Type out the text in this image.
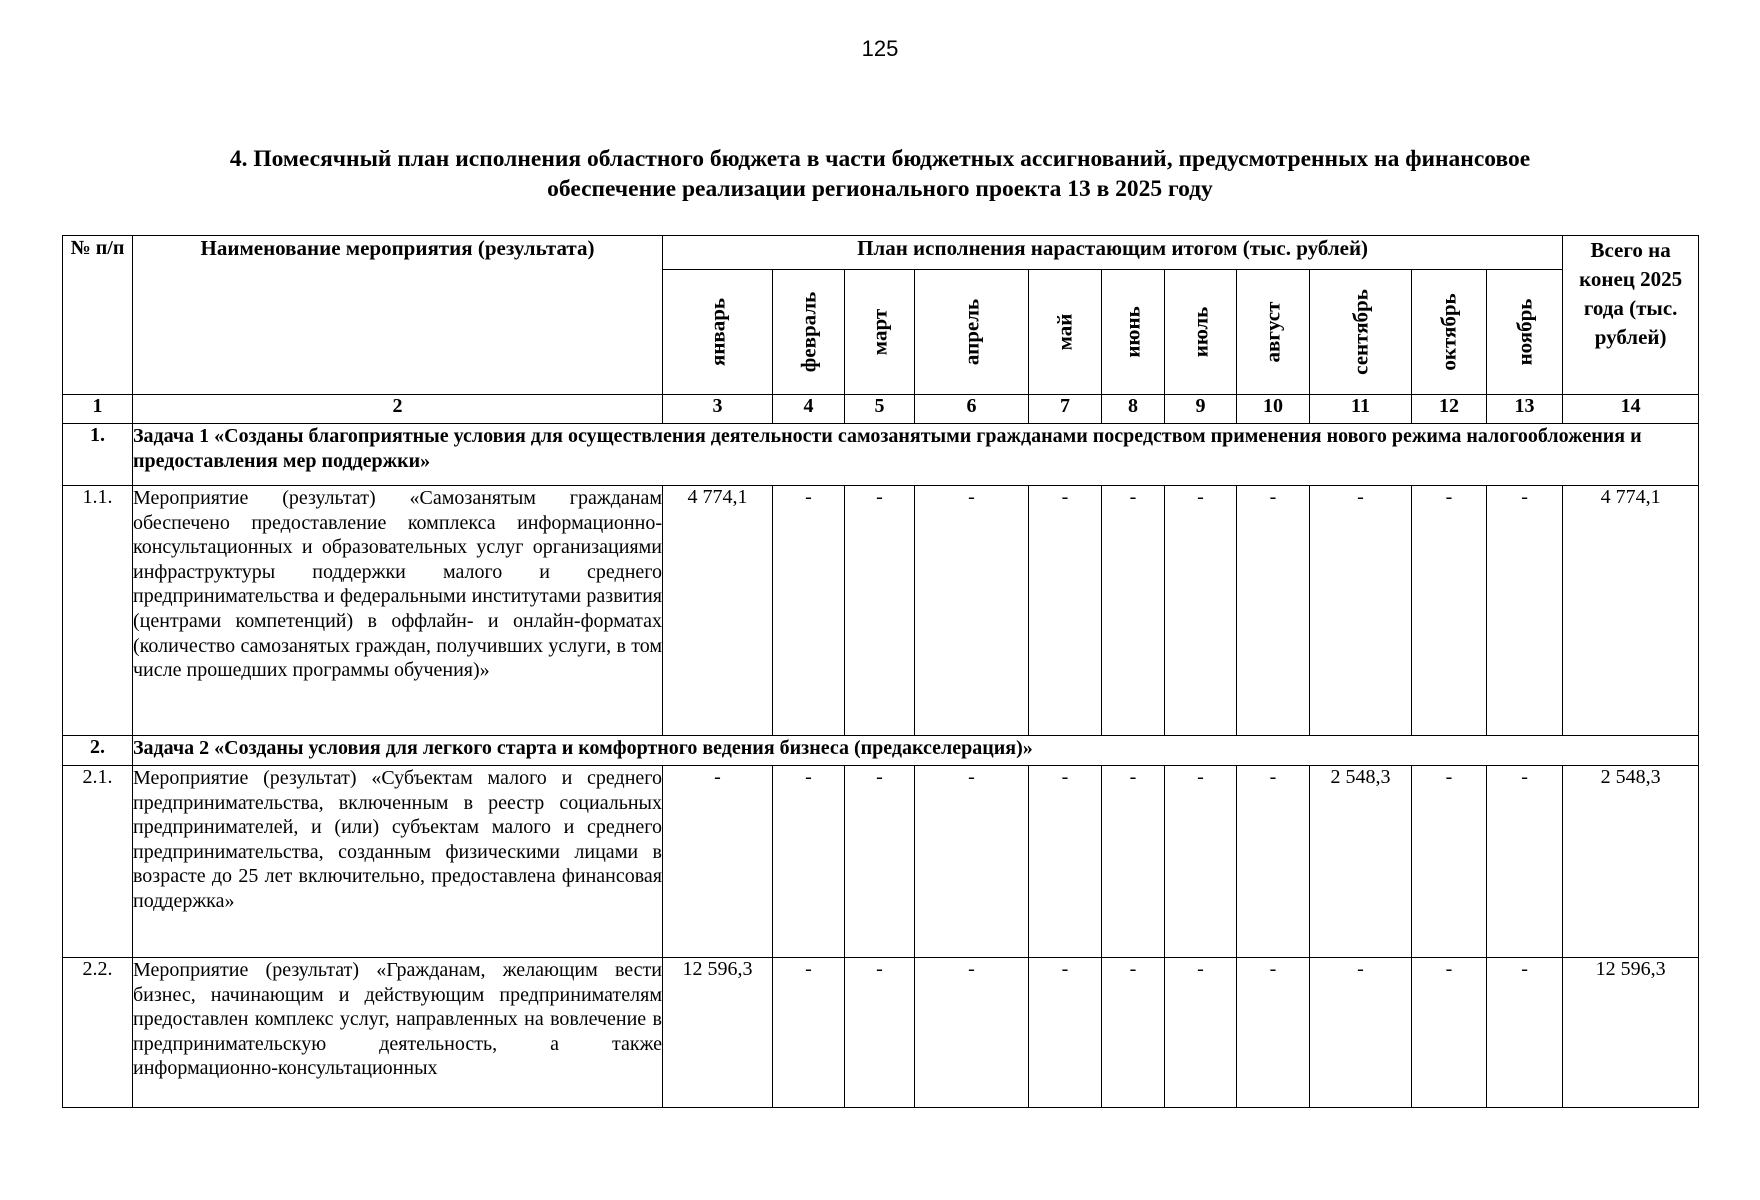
125
4. Помесячный план исполнения областного бюджета в части бюджетных ассигнований, предусмотренных на финансовое
обеспечение реализации регионального проекта 13 в 2025 году
№ п/п	Наименование мероприятия (результата)	План исполнения нарастающим итогом (тыс. рублей)											Всего на конец 2025 года (тыс. рублей)

		январь	февраль	март	апрель	май	июнь	июль	август	сентябрь	октябрь	ноябрь	

1	2	3	4	5	6	7	8	9	10	11	12	13	14
1.	Задача 1 «Созданы благоприятные условия для осуществления деятельности самозанятыми гражданами посредством применения нового режима налогообложения и предоставления мер поддержки»												
1.1.	Мероприятие (результат) «Самозанятым гражданам обеспечено предоставление комплекса информационно-консультационных и образовательных услуг организациями инфраструктуры поддержки малого и среднего предпринимательства и федеральными институтами развития (центрами компетенций) в оффлайн- и онлайн-форматах (количество самозанятых граждан, получивших услуги, в том числе прошедших программы обучения)»	4 774,1	-	-	-	-	-	-	-	-	-	-	4 774,1
2.	Задача 2 «Созданы условия для легкого старта и комфортного ведения бизнеса (предакселерация)»												
2.1.	Мероприятие (результат) «Субъектам малого и среднего предпринимательства, включенным в реестр социальных предпринимателей, и (или) субъектам малого и среднего предпринимательства, созданным физическими лицами в возрасте до 25 лет включительно, предоставлена финансовая поддержка»	-	-	-	-	-	-	-	-	2 548,3	-	-	2 548,3
2.2.	Мероприятие (результат) «Гражданам, желающим вести бизнес, начинающим и действующим предпринимателям предоставлен комплекс услуг, направленных на вовлечение в предпринимательскую деятельность, а также информационно-консультационных	12 596,3	-	-	-	-	-	-	-	-	-	-	12 596,3
